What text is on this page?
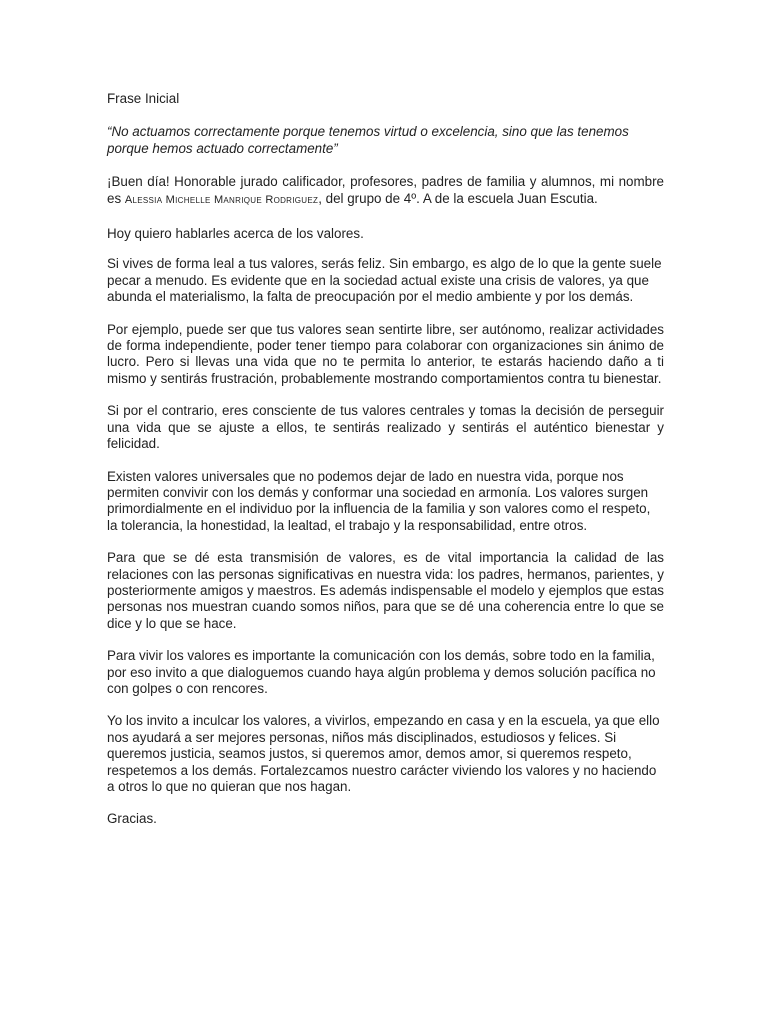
Frase Inicial

“No actuamos correctamente porque tenemos virtud o excelencia, sino que las tenemos porque hemos actuado correctamente”

¡Buen día! Honorable jurado calificador, profesores, padres de familia y alumnos, mi nombre es Alessia Michelle Manrique Rodriguez, del grupo de 4º. A de la escuela Juan Escutia.

Hoy quiero hablarles acerca de los valores.

Si vives de forma leal a tus valores, serás feliz. Sin embargo, es algo de lo que la gente suele pecar a menudo. Es evidente que en la sociedad actual existe una crisis de valores, ya que abunda el materialismo, la falta de preocupación por el medio ambiente y por los demás.

Por ejemplo, puede ser que tus valores sean sentirte libre, ser autónomo, realizar actividades de forma independiente, poder tener tiempo para colaborar con organizaciones sin ánimo de lucro. Pero si llevas una vida que no te permita lo anterior, te estarás haciendo daño a ti mismo y sentirás frustración, probablemente mostrando comportamientos contra tu bienestar.

Si por el contrario, eres consciente de tus valores centrales y tomas la decisión de perseguir una vida que se ajuste a ellos, te sentirás realizado y sentirás el auténtico bienestar y felicidad.

Existen valores universales que no podemos dejar de lado en nuestra vida, porque nos permiten convivir con los demás y conformar una sociedad en armonía. Los valores surgen primordialmente en el individuo por la influencia de la familia y son valores como el respeto, la tolerancia, la honestidad, la lealtad, el trabajo y la responsabilidad, entre otros.

Para que se dé esta transmisión de valores, es de vital importancia la calidad de las relaciones con las personas significativas en nuestra vida: los padres, hermanos, parientes, y posteriormente amigos y maestros. Es además indispensable el modelo y ejemplos que estas personas nos muestran cuando somos niños, para que se dé una coherencia entre lo que se dice y lo que se hace.

Para vivir los valores es importante la comunicación con los demás, sobre todo en la familia, por eso invito a que dialoguemos cuando haya algún problema y demos solución pacífica no con golpes o con rencores.

Yo los invito a inculcar los valores, a vivirlos, empezando en casa y en la escuela, ya que ello nos ayudará a ser mejores personas, niños más disciplinados, estudiosos y felices. Si queremos justicia, seamos justos, si queremos amor, demos amor, si queremos respeto, respetemos a los demás. Fortalezcamos nuestro carácter viviendo los valores y no haciendo a otros lo que no quieran que nos hagan.

Gracias.
